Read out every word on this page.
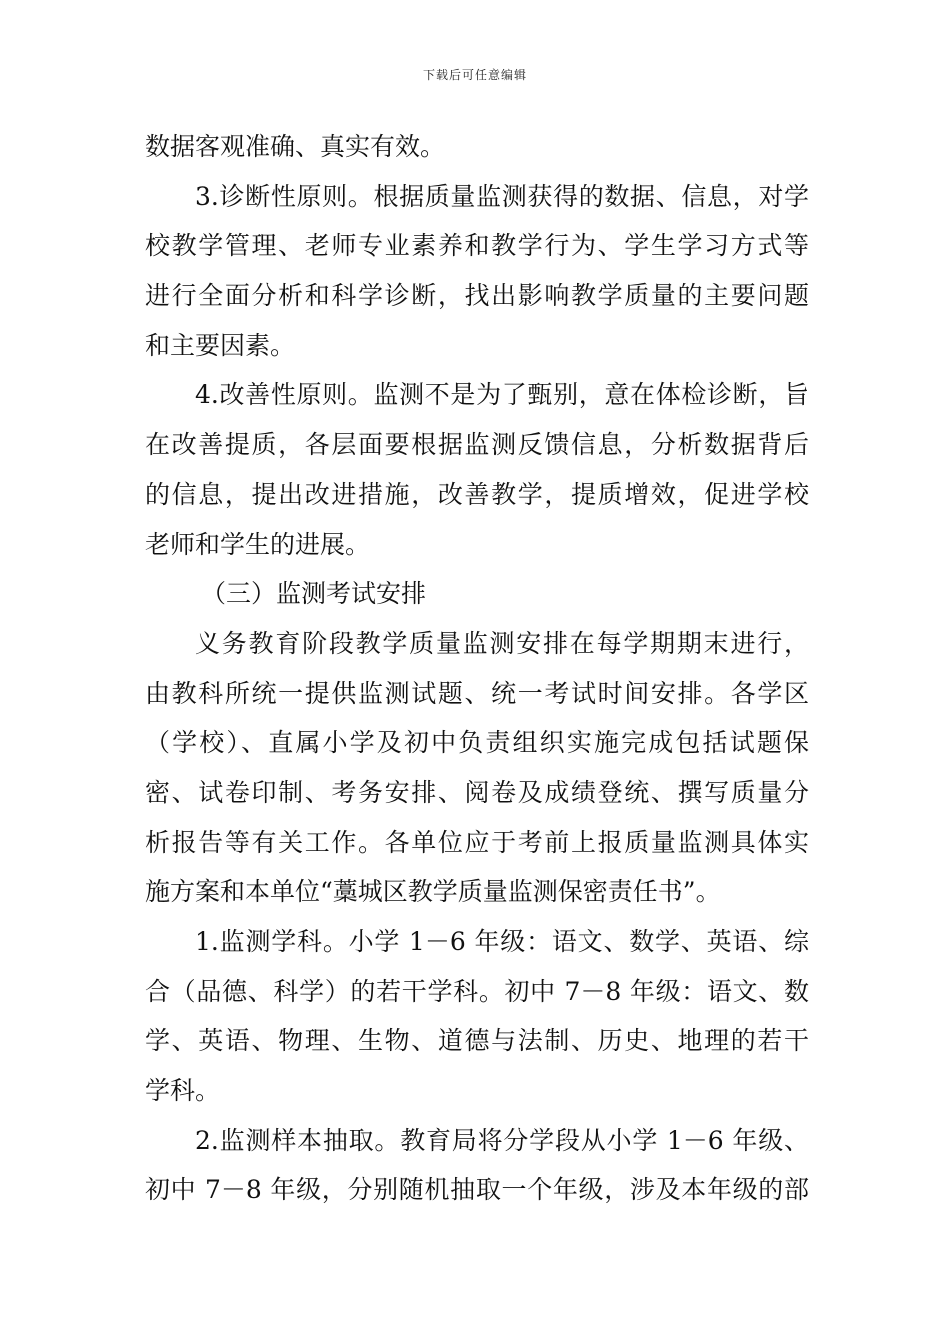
下载后可任意编辑
数据客观准确、真实有效。
3.诊断性原则。根据质量监测获得的数据、信息，对学
校教学管理、老师专业素养和教学行为、学生学习方式等
进行全面分析和科学诊断，找出影响教学质量的主要问题
和主要因素。
4.改善性原则。监测不是为了甄别，意在体检诊断，旨
在改善提质，各层面要根据监测反馈信息，分析数据背后
的信息，提出改进措施，改善教学，提质增效，促进学校
老师和学生的进展。
（三）监测考试安排
义务教育阶段教学质量监测安排在每学期期末进行，
由教科所统一提供监测试题、统一考试时间安排。各学区
（学校）、直属小学及初中负责组织实施完成包括试题保
密、试卷印制、考务安排、阅卷及成绩登统、撰写质量分
析报告等有关工作。各单位应于考前上报质量监测具体实
施方案和本单位“藁城区教学质量监测保密责任书”。
1.监测学科。小学 1－6 年级：语文、数学、英语、综
合（品德、科学）的若干学科。初中 7－8 年级：语文、数
学、英语、物理、生物、道德与法制、历史、地理的若干
学科。
2.监测样本抽取。教育局将分学段从小学 1－6 年级、
初中 7－8 年级，分别随机抽取一个年级，涉及本年级的部
